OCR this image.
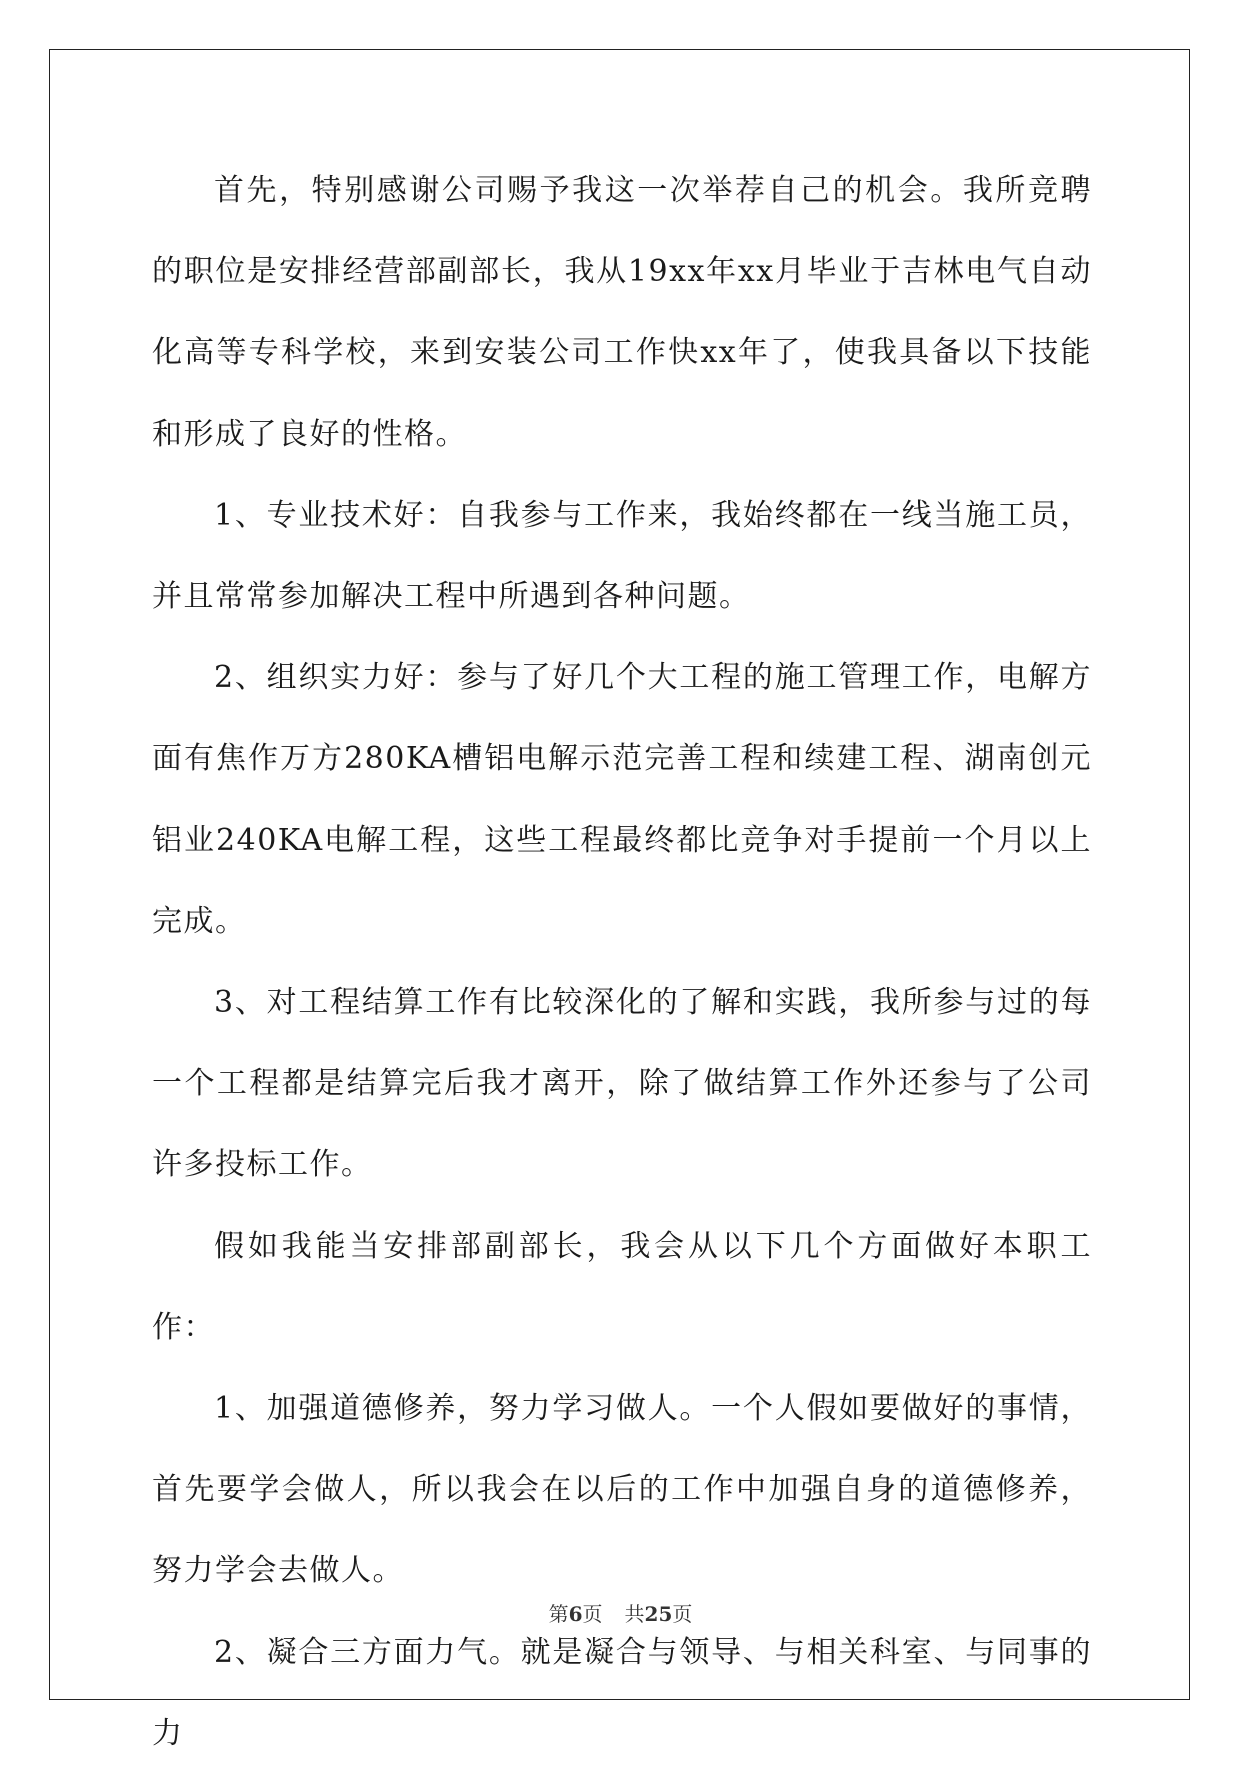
首先，特别感谢公司赐予我这一次举荐自己的机会。我所竞聘的职位是安排经营部副部长，我从19xx年xx月毕业于吉林电气自动化高等专科学校，来到安装公司工作快xx年了，使我具备以下技能和形成了良好的性格。

1、专业技术好：自我参与工作来，我始终都在一线当施工员，并且常常参加解决工程中所遇到各种问题。

2、组织实力好：参与了好几个大工程的施工管理工作，电解方面有焦作万方280KA槽铝电解示范完善工程和续建工程、湖南创元铝业240KA电解工程，这些工程最终都比竞争对手提前一个月以上完成。

3、对工程结算工作有比较深化的了解和实践，我所参与过的每一个工程都是结算完后我才离开，除了做结算工作外还参与了公司许多投标工作。

假如我能当安排部副部长，我会从以下几个方面做好本职工作：

1、加强道德修养，努力学习做人。一个人假如要做好的事情，首先要学会做人，所以我会在以后的工作中加强自身的道德修养，努力学会去做人。

2、凝合三方面力气。就是凝合与领导、与相关科室、与同事的力

第6页 共25页
